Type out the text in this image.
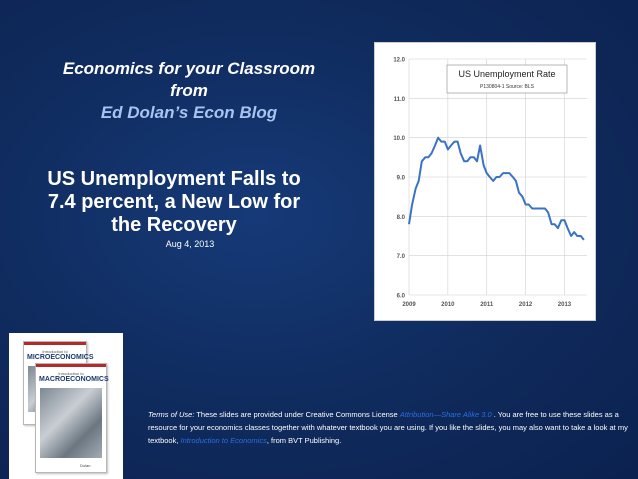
Economics for your Classroom
from
Ed Dolan’s Econ Blog
US Unemployment Falls to
7.4 percent, a New Low for
the Recovery
Aug 4, 2013
12.0
11.0
10.0
9.0
8.0
7.0
6.0
2009	2010	2011	2012	2013
US Unemployment Rate
P130804-1 Source: BLS
Introduction to
MICROECONOMICS
Introduction to
MACROECONOMICS
Dolan
Terms of Use: These slides are provided under Creative Commons License Attribution—Share Alike 3.0 . You are free to use these slides as a resource for your economics classes together with whatever textbook you are using. If you like the slides, you may also want to take a look at my textbook, Introduction to Economics, from BVT Publishing.
